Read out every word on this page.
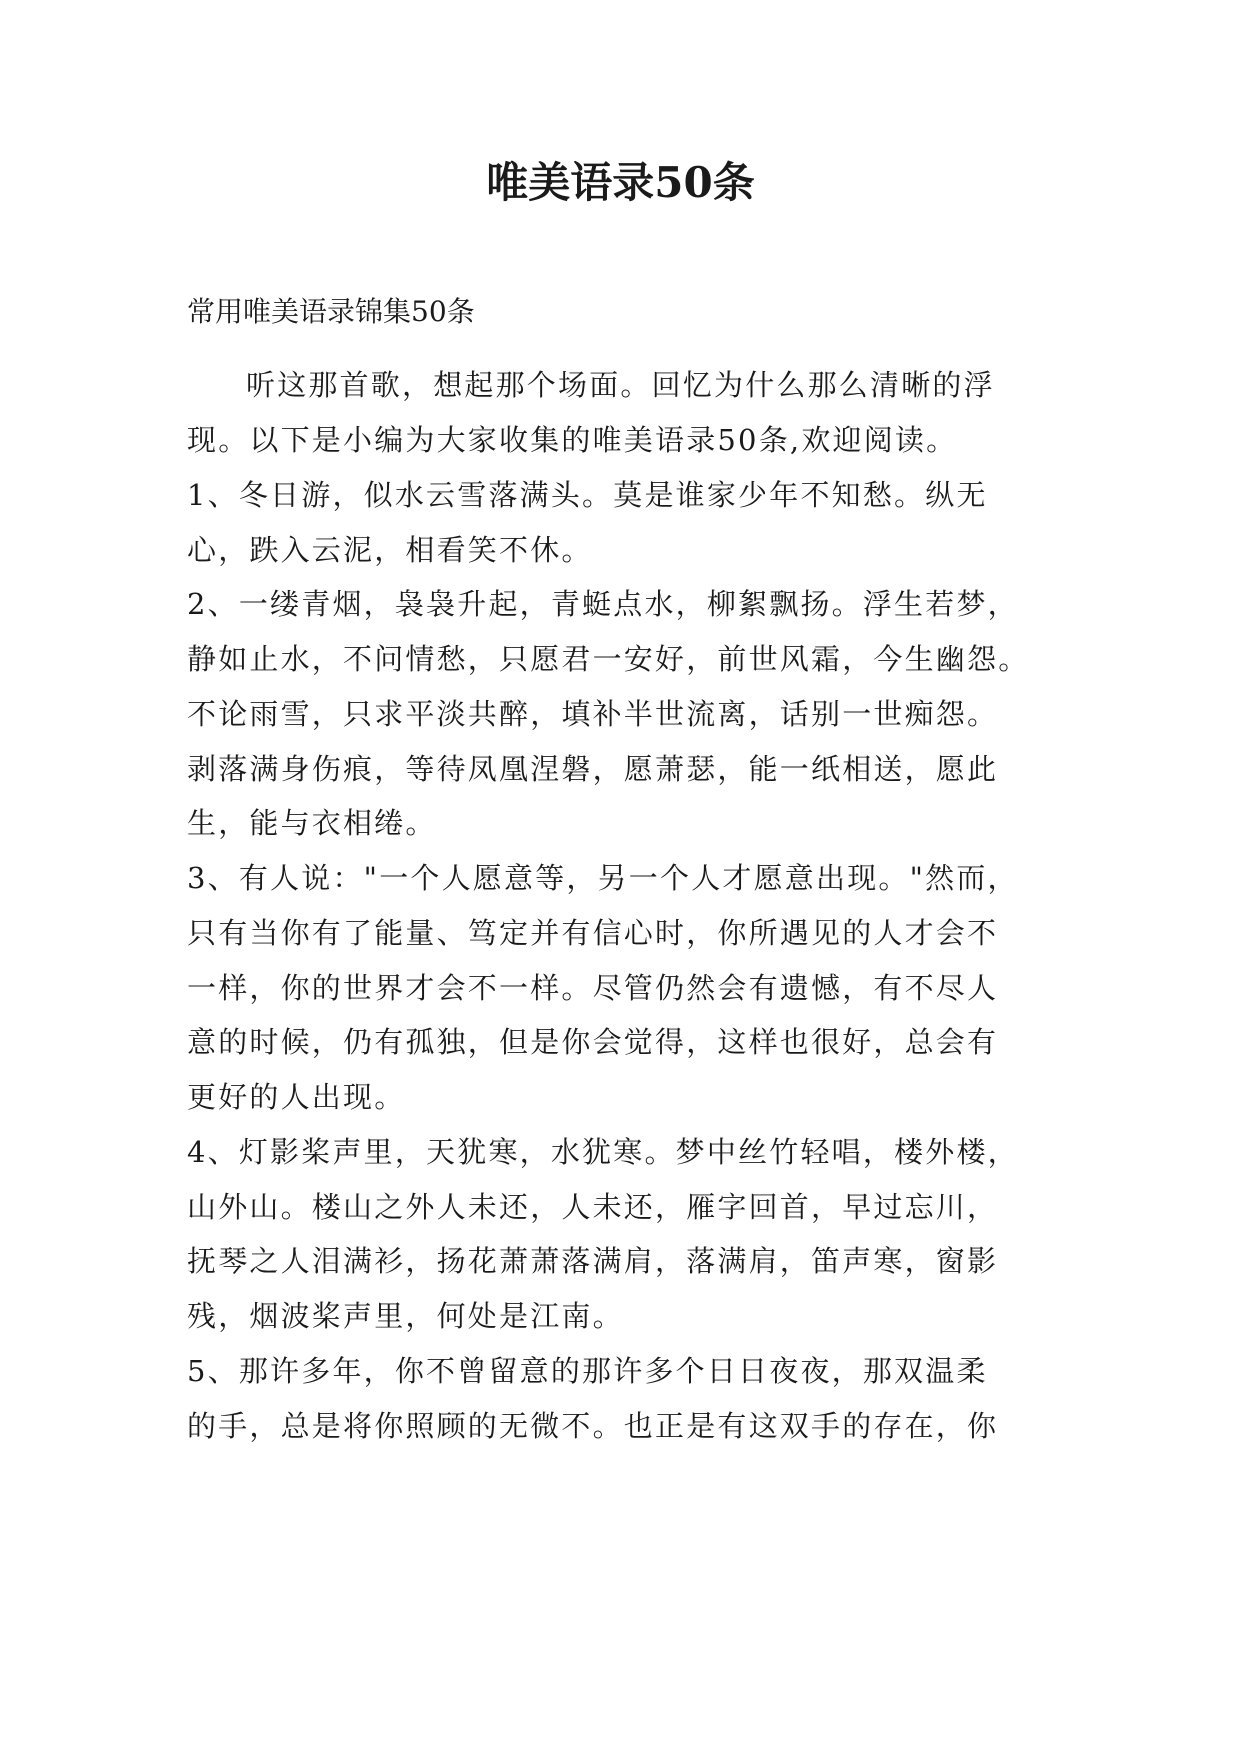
唯美语录50条
常用唯美语录锦集50条
听这那首歌，想起那个场面。回忆为什么那么清晰的浮
现。以下是小编为大家收集的唯美语录50条,欢迎阅读。
1、冬日游，似水云雪落满头。莫是谁家少年不知愁。纵无
心，跌入云泥，相看笑不休。
2、一缕青烟，袅袅升起，青蜓点水，柳絮飘扬。浮生若梦，
静如止水，不问情愁，只愿君一安好，前世风霜，今生幽怨。
不论雨雪，只求平淡共醉，填补半世流离，话别一世痴怨。
剥落满身伤痕，等待凤凰涅磐，愿萧瑟，能一纸相送，愿此
生，能与衣相绻。
3、有人说："一个人愿意等，另一个人才愿意出现。"然而，
只有当你有了能量、笃定并有信心时，你所遇见的人才会不
一样，你的世界才会不一样。尽管仍然会有遗憾，有不尽人
意的时候，仍有孤独，但是你会觉得，这样也很好，总会有
更好的人出现。
4、灯影桨声里，天犹寒，水犹寒。梦中丝竹轻唱，楼外楼，
山外山。楼山之外人未还，人未还，雁字回首，早过忘川，
抚琴之人泪满衫，扬花萧萧落满肩，落满肩，笛声寒，窗影
残，烟波桨声里，何处是江南。
5、那许多年，你不曾留意的那许多个日日夜夜，那双温柔
的手，总是将你照顾的无微不。也正是有这双手的存在，你
